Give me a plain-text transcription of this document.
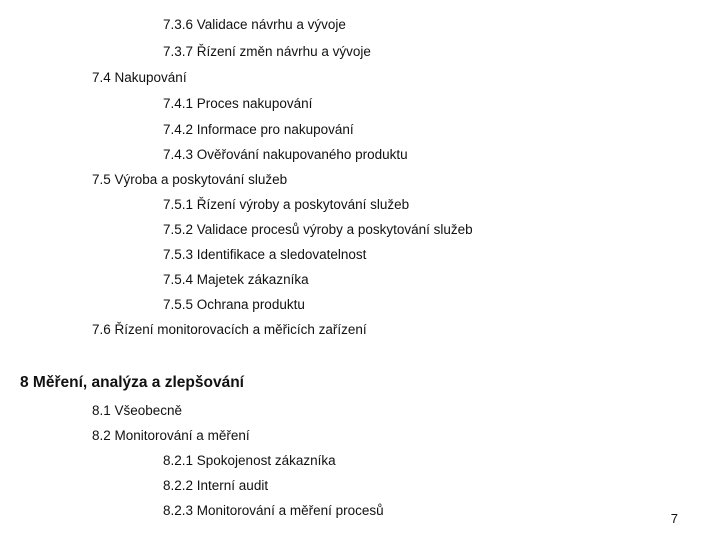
7.3.6 Validace návrhu a vývoje
7.3.7 Řízení změn návrhu a vývoje
7.4 Nakupování
7.4.1 Proces nakupování
7.4.2 Informace pro nakupování
7.4.3 Ověřování nakupovaného produktu
7.5 Výroba a poskytování služeb
7.5.1 Řízení výroby a poskytování služeb
7.5.2 Validace procesů výroby a poskytování služeb
7.5.3 Identifikace a sledovatelnost
7.5.4 Majetek zákazníka
7.5.5 Ochrana produktu
7.6 Řízení monitorovacích a měřicích zařízení
8 Měření, analýza a zlepšování
8.1 Všeobecně
8.2 Monitorování a měření
8.2.1 Spokojenost zákazníka
8.2.2 Interní audit
8.2.3 Monitorování a měření procesů
7
